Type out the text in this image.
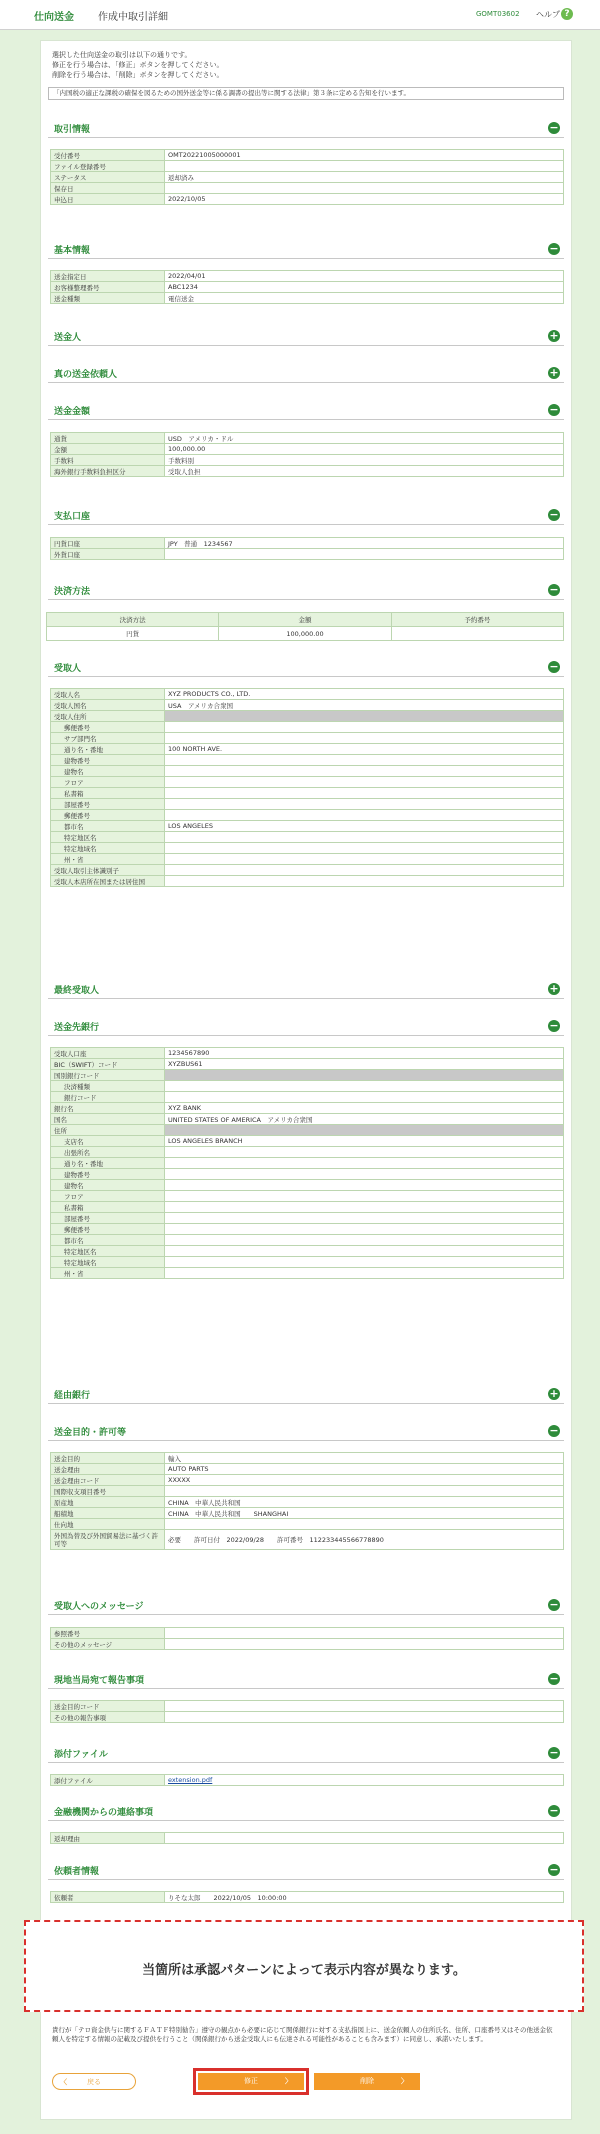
仕向送金 作成中取引詳細	GOMT03602 ヘルプ ?
選択した仕向送金の取引は以下の通りです。
修正を行う場合は、「修正」ボタンを押してください。
削除を行う場合は、「削除」ボタンを押してください。
「内国税の適正な課税の確保を図るための国外送金等に係る調書の提出等に関する法律」第３条に定める告知を行います。
取引情報	−
受付番号	OMT20221005000001
ファイル登録番号	
ステータス	返却済み
保存日	
申込日	2022/10/05
基本情報	−
送金指定日	2022/04/01
お客様整理番号	ABC1234
送金種類	電信送金
送金人	+
真の送金依頼人	+
送金金額	−
通貨	USD　アメリカ・ドル
金額	100,000.00
手数料	手数料別
海外銀行手数料負担区分	受取人負担
支払口座	−
円貨口座	JPY　普通　1234567
外貨口座	
決済方法	−
決済方法	金額	予約番号
円貨	100,000.00	
受取人	−
受取人名	XYZ PRODUCTS CO., LTD.
受取人国名	USA　アメリカ合衆国
受取人住所	
郵便番号	
サブ部門名	
通り名・番地	100 NORTH AVE.
建物番号	
建物名	
フロア	
私書箱	
部屋番号	
郵便番号	
都市名	LOS ANGELES
特定地区名	
特定地域名	
州・省	
受取人取引主体識別子	
受取人本店所在国または居住国	
最終受取人	+
送金先銀行	−
受取人口座	1234567890
BIC（SWIFT）コード	XYZBUS61
国別銀行コード	
決済種類	
銀行コード	
銀行名	XYZ BANK
国名	UNITED STATES OF AMERICA　アメリカ合衆国
住所	
支店名	LOS ANGELES BRANCH
出張所名	
通り名・番地	
建物番号	
建物名	
フロア	
私書箱	
部屋番号	
郵便番号	
都市名	
特定地区名	
特定地域名	
州・省	
経由銀行	+
送金目的・許可等	−
送金目的	輸入
送金理由	AUTO PARTS
送金理由コード	XXXXX
国際収支項目番号	
原産地	CHINA　中華人民共和国
船積地	CHINA　中華人民共和国　　SHANGHAI
仕向地	
外国為替及び外国貿易法に基づく許可等	必要　　許可日付　2022/09/28　　許可番号　112233445566778890
受取人へのメッセージ	−
参照番号	
その他のメッセージ	
現地当局宛て報告事項	−
送金目的コード	
その他の報告事項	
添付ファイル	−
添付ファイル	extension.pdf
金融機関からの連絡事項	−
返却理由	
依頼者情報	−
依頼者	りそな太郎　　2022/10/05　10:00:00
当箇所は承認パターンによって表示内容が異なります。
貴行が「テロ資金供与に関するＦＡＴＦ特別勧告」遵守の観点から必要に応じて関係銀行に対する支払指図上に、送金依頼人の住所氏名、住所、口座番号又はその他送金依頼人を特定する情報の記載及び提供を行うこと（関係銀行から送金受取人にも伝達される可能性があることも含みます）に同意し、承諾いたします。
〈	戻る	修正	〉	削除	〉
